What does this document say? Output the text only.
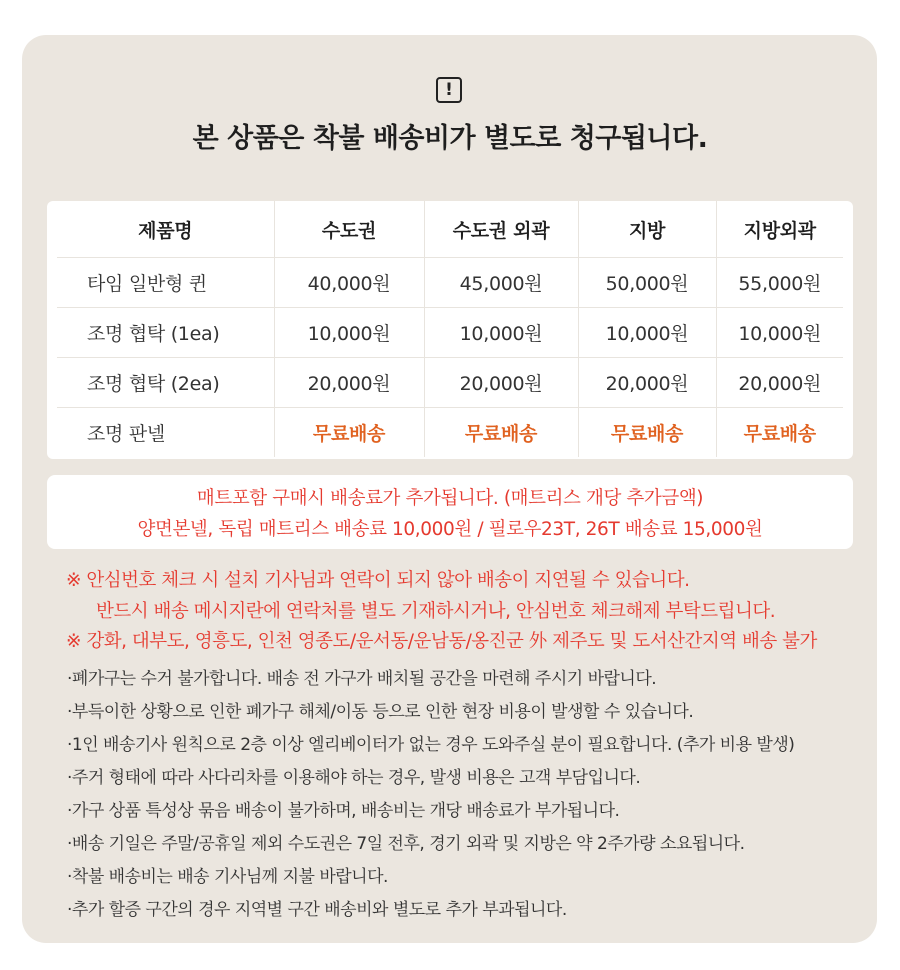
!
본 상품은 착불 배송비가 별도로 청구됩니다.
제품명	수도권	수도권 외곽	지방	지방외곽
타임 일반형 퀸	40,000원	45,000원	50,000원	55,000원
조명 협탁 (1ea)	10,000원	10,000원	10,000원	10,000원
조명 협탁 (2ea)	20,000원	20,000원	20,000원	20,000원
조명 판넬	무료배송	무료배송	무료배송	무료배송
매트포함 구매시 배송료가 추가됩니다. (매트리스 개당 추가금액)
양면본넬, 독립 매트리스 배송료 10,000원 / 필로우23T, 26T 배송료 15,000원
※ 안심번호 체크 시 설치 기사님과 연락이 되지 않아 배송이 지연될 수 있습니다.
반드시 배송 메시지란에 연락처를 별도 기재하시거나, 안심번호 체크해제 부탁드립니다.
※ 강화, 대부도, 영흥도, 인천 영종도/운서동/운남동/옹진군 外 제주도 및 도서산간지역 배송 불가
·폐가구는 수거 불가합니다. 배송 전 가구가 배치될 공간을 마련해 주시기 바랍니다.
·부득이한 상황으로 인한 폐가구 해체/이동 등으로 인한 현장 비용이 발생할 수 있습니다.
·1인 배송기사 원칙으로 2층 이상 엘리베이터가 없는 경우 도와주실 분이 필요합니다. (추가 비용 발생)
·주거 형태에 따라 사다리차를 이용해야 하는 경우, 발생 비용은 고객 부담입니다.
·가구 상품 특성상 묶음 배송이 불가하며, 배송비는 개당 배송료가 부가됩니다.
·배송 기일은 주말/공휴일 제외 수도권은 7일 전후, 경기 외곽 및 지방은 약 2주가량 소요됩니다.
·착불 배송비는 배송 기사님께 지불 바랍니다.
·추가 할증 구간의 경우 지역별 구간 배송비와 별도로 추가 부과됩니다.
